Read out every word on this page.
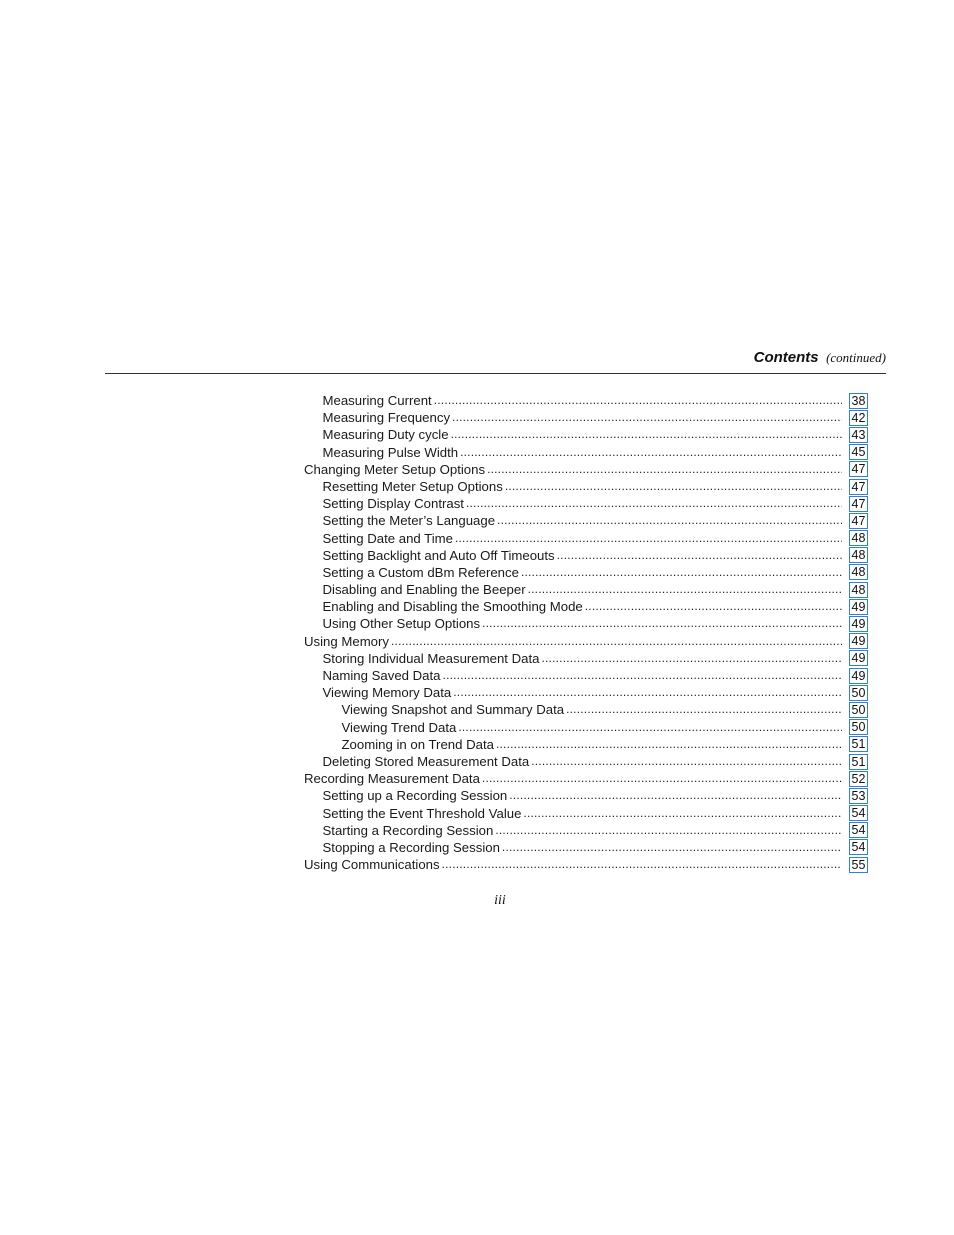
Contents (continued)
Measuring Current .....	38
Measuring Frequency .....	42
Measuring Duty cycle .....	43
Measuring Pulse Width .....	45
Changing Meter Setup Options .....	47
Resetting Meter Setup Options .....	47
Setting Display Contrast .....	47
Setting the Meter’s Language .....	47
Setting Date and Time .....	48
Setting Backlight and Auto Off Timeouts .....	48
Setting a Custom dBm Reference .....	48
Disabling and Enabling the Beeper .....	48
Enabling and Disabling the Smoothing Mode .....	49
Using Other Setup Options .....	49
Using Memory .....	49
Storing Individual Measurement Data .....	49
Naming Saved Data .....	49
Viewing Memory Data .....	50
Viewing Snapshot and Summary Data .....	50
Viewing Trend Data .....	50
Zooming in on Trend Data .....	51
Deleting Stored Measurement Data .....	51
Recording Measurement Data .....	52
Setting up a Recording Session .....	53
Setting the Event Threshold Value .....	54
Starting a Recording Session .....	54
Stopping a Recording Session .....	54
Using Communications .....	55
iii
